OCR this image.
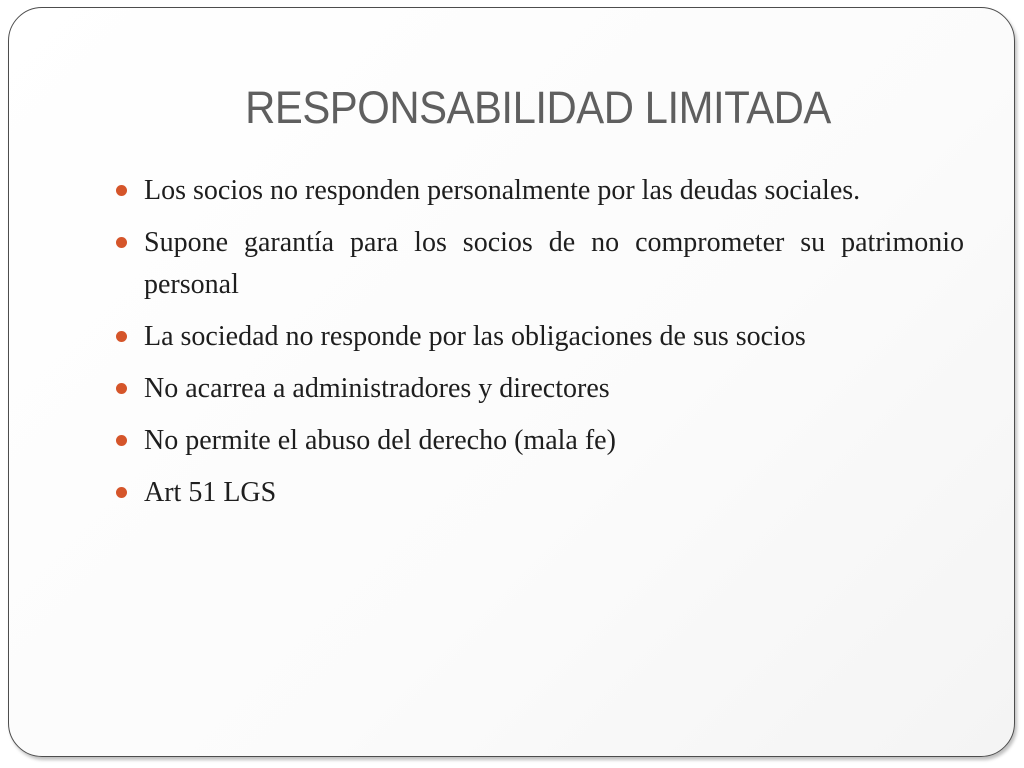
RESPONSABILIDAD LIMITADA
Los socios no responden personalmente por las deudas sociales.
Supone garantía para los socios de no comprometer su patrimonio personal
La sociedad no responde por las obligaciones de sus socios
No acarrea a administradores y directores
No permite el abuso del derecho (mala fe)
Art 51 LGS
